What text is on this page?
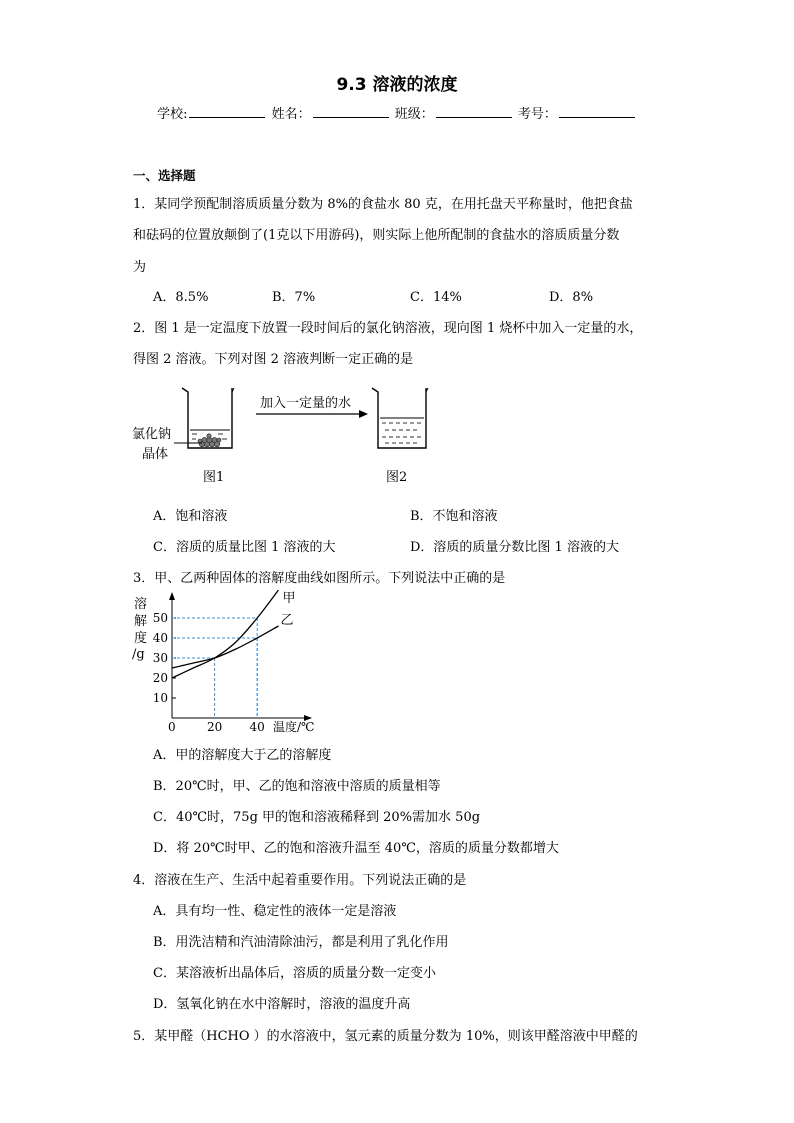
9.3 溶液的浓度
学校:	姓名：	班级：	考号：
一、选择题
1．某同学预配制溶质质量分数为 8%的食盐水 80 克，在用托盘天平称量时，他把食盐
和砝码的位置放颠倒了(1克以下用游码)，则实际上他所配制的食盐水的溶质质量分数
为
A．8.5%	B．7%	C．14%	D．8%
2．图 1 是一定温度下放置一段时间后的氯化钠溶液，现向图 1 烧杯中加入一定量的水，
得图 2 溶液。下列对图 2 溶液判断一定正确的是
氯化钠
晶体
加入一定量的水
图1	图2
A．饱和溶液	B．不饱和溶液
C．溶质的质量比图 1 溶液的大	D．溶质的质量分数比图 1 溶液的大
3．甲、乙两种固体的溶解度曲线如图所示。下列说法中正确的是
溶
解
度
/g
0	温度/℃
10
20
30
40
50
20 40
甲
乙
A．甲的溶解度大于乙的溶解度
B．20℃时，甲、乙的饱和溶液中溶质的质量相等
C．40℃时，75g 甲的饱和溶液稀释到 20%需加水 50g
D．将 20℃时甲、乙的饱和溶液升温至 40℃，溶质的质量分数都增大
4．溶液在生产、生活中起着重要作用。下列说法正确的是
A．具有均一性、稳定性的液体一定是溶液
B．用洗洁精和汽油清除油污，都是利用了乳化作用
C．某溶液析出晶体后，溶质的质量分数一定变小
D．氢氧化钠在水中溶解时，溶液的温度升高
5．某甲醛（HCHO ）的水溶液中，氢元素的质量分数为 10%，则该甲醛溶液中甲醛的
